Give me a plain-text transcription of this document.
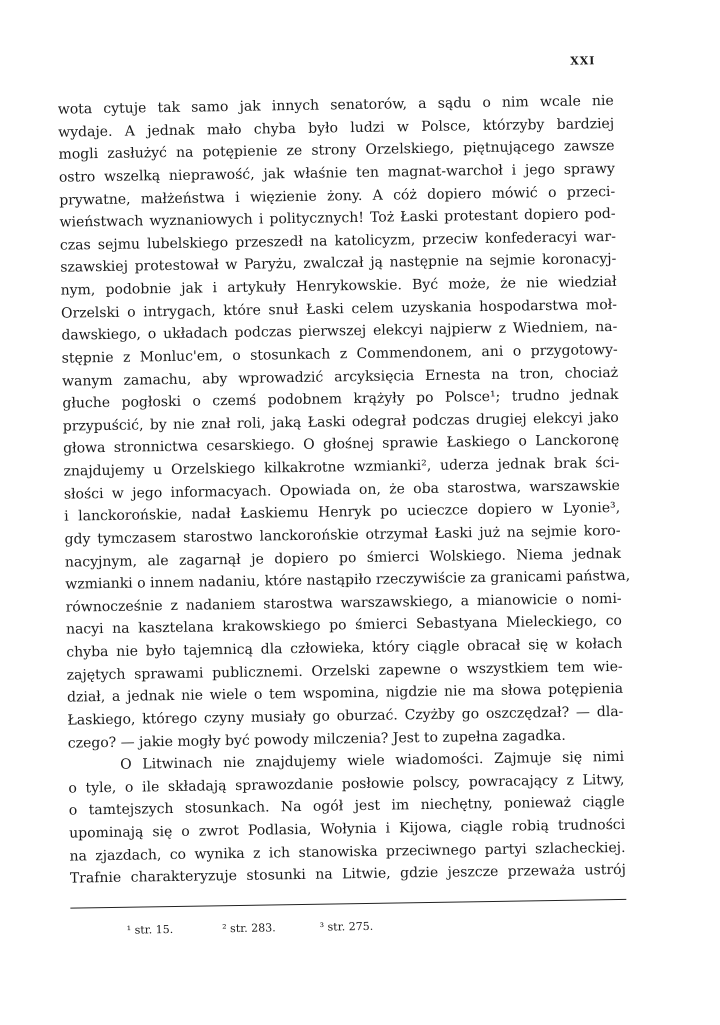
XXI
wota cytuje tak samo jak innych senatorów, a sądu o nim wcale nie
wydaje. A jednak mało chyba było ludzi w Polsce, którzyby bardziej
mogli zasłużyć na potępienie ze strony Orzelskiego, piętnującego zawsze
ostro wszelką nieprawość, jak właśnie ten magnat-warchoł i jego sprawy
prywatne, małżeństwa i więzienie żony. A cóż dopiero mówić o przeci-
wieństwach wyznaniowych i politycznych! Toż Łaski protestant dopiero pod-
czas sejmu lubelskiego przeszedł na katolicyzm, przeciw konfederacyi war-
szawskiej protestował w Paryżu, zwalczał ją następnie na sejmie koronacyj-
nym, podobnie jak i artykuły Henrykowskie. Być może, że nie wiedział
Orzelski o intrygach, które snuł Łaski celem uzyskania hospodarstwa moł-
dawskiego, o układach podczas pierwszej elekcyi najpierw z Wiedniem, na-
stępnie z Monluc'em, o stosunkach z Commendonem, ani o przygotowy-
wanym zamachu, aby wprowadzić arcyksięcia Ernesta na tron, chociaż
głuche pogłoski o czemś podobnem krążyły po Polsce¹; trudno jednak
przypuścić, by nie znał roli, jaką Łaski odegrał podczas drugiej elekcyi jako
głowa stronnictwa cesarskiego. O głośnej sprawie Łaskiego o Lanckoronę
znajdujemy u Orzelskiego kilkakrotne wzmianki², uderza jednak brak ści-
słości w jego informacyach. Opowiada on, że oba starostwa, warszawskie
i lanckorońskie, nadał Łaskiemu Henryk po ucieczce dopiero w Lyonie³,
gdy tymczasem starostwo lanckorońskie otrzymał Łaski już na sejmie koro-
nacyjnym, ale zagarnął je dopiero po śmierci Wolskiego. Niema jednak
wzmianki o innem nadaniu, które nastąpiło rzeczywiście za granicami państwa,
równocześnie z nadaniem starostwa warszawskiego, a mianowicie o nomi-
nacyi na kasztelana krakowskiego po śmierci Sebastyana Mieleckiego, co
chyba nie było tajemnicą dla człowieka, który ciągle obracał się w kołach
zajętych sprawami publicznemi. Orzelski zapewne o wszystkiem tem wie-
dział, a jednak nie wiele o tem wspomina, nigdzie nie ma słowa potępienia
Łaskiego, którego czyny musiały go oburzać. Czyżby go oszczędzał? — dla-
czego? — jakie mogły być powody milczenia? Jest to zupełna zagadka.
O Litwinach nie znajdujemy wiele wiadomości. Zajmuje się nimi
o tyle, o ile składają sprawozdanie posłowie polscy, powracający z Litwy,
o tamtejszych stosunkach. Na ogół jest im niechętny, ponieważ ciągle
upominają się o zwrot Podlasia, Wołynia i Kijowa, ciągle robią trudności
na zjazdach, co wynika z ich stanowiska przeciwnego partyi szlacheckiej.
Trafnie charakteryzuje stosunki na Litwie, gdzie jeszcze przeważa ustrój
¹ str. 15.	² str. 283.	³ str. 275.
